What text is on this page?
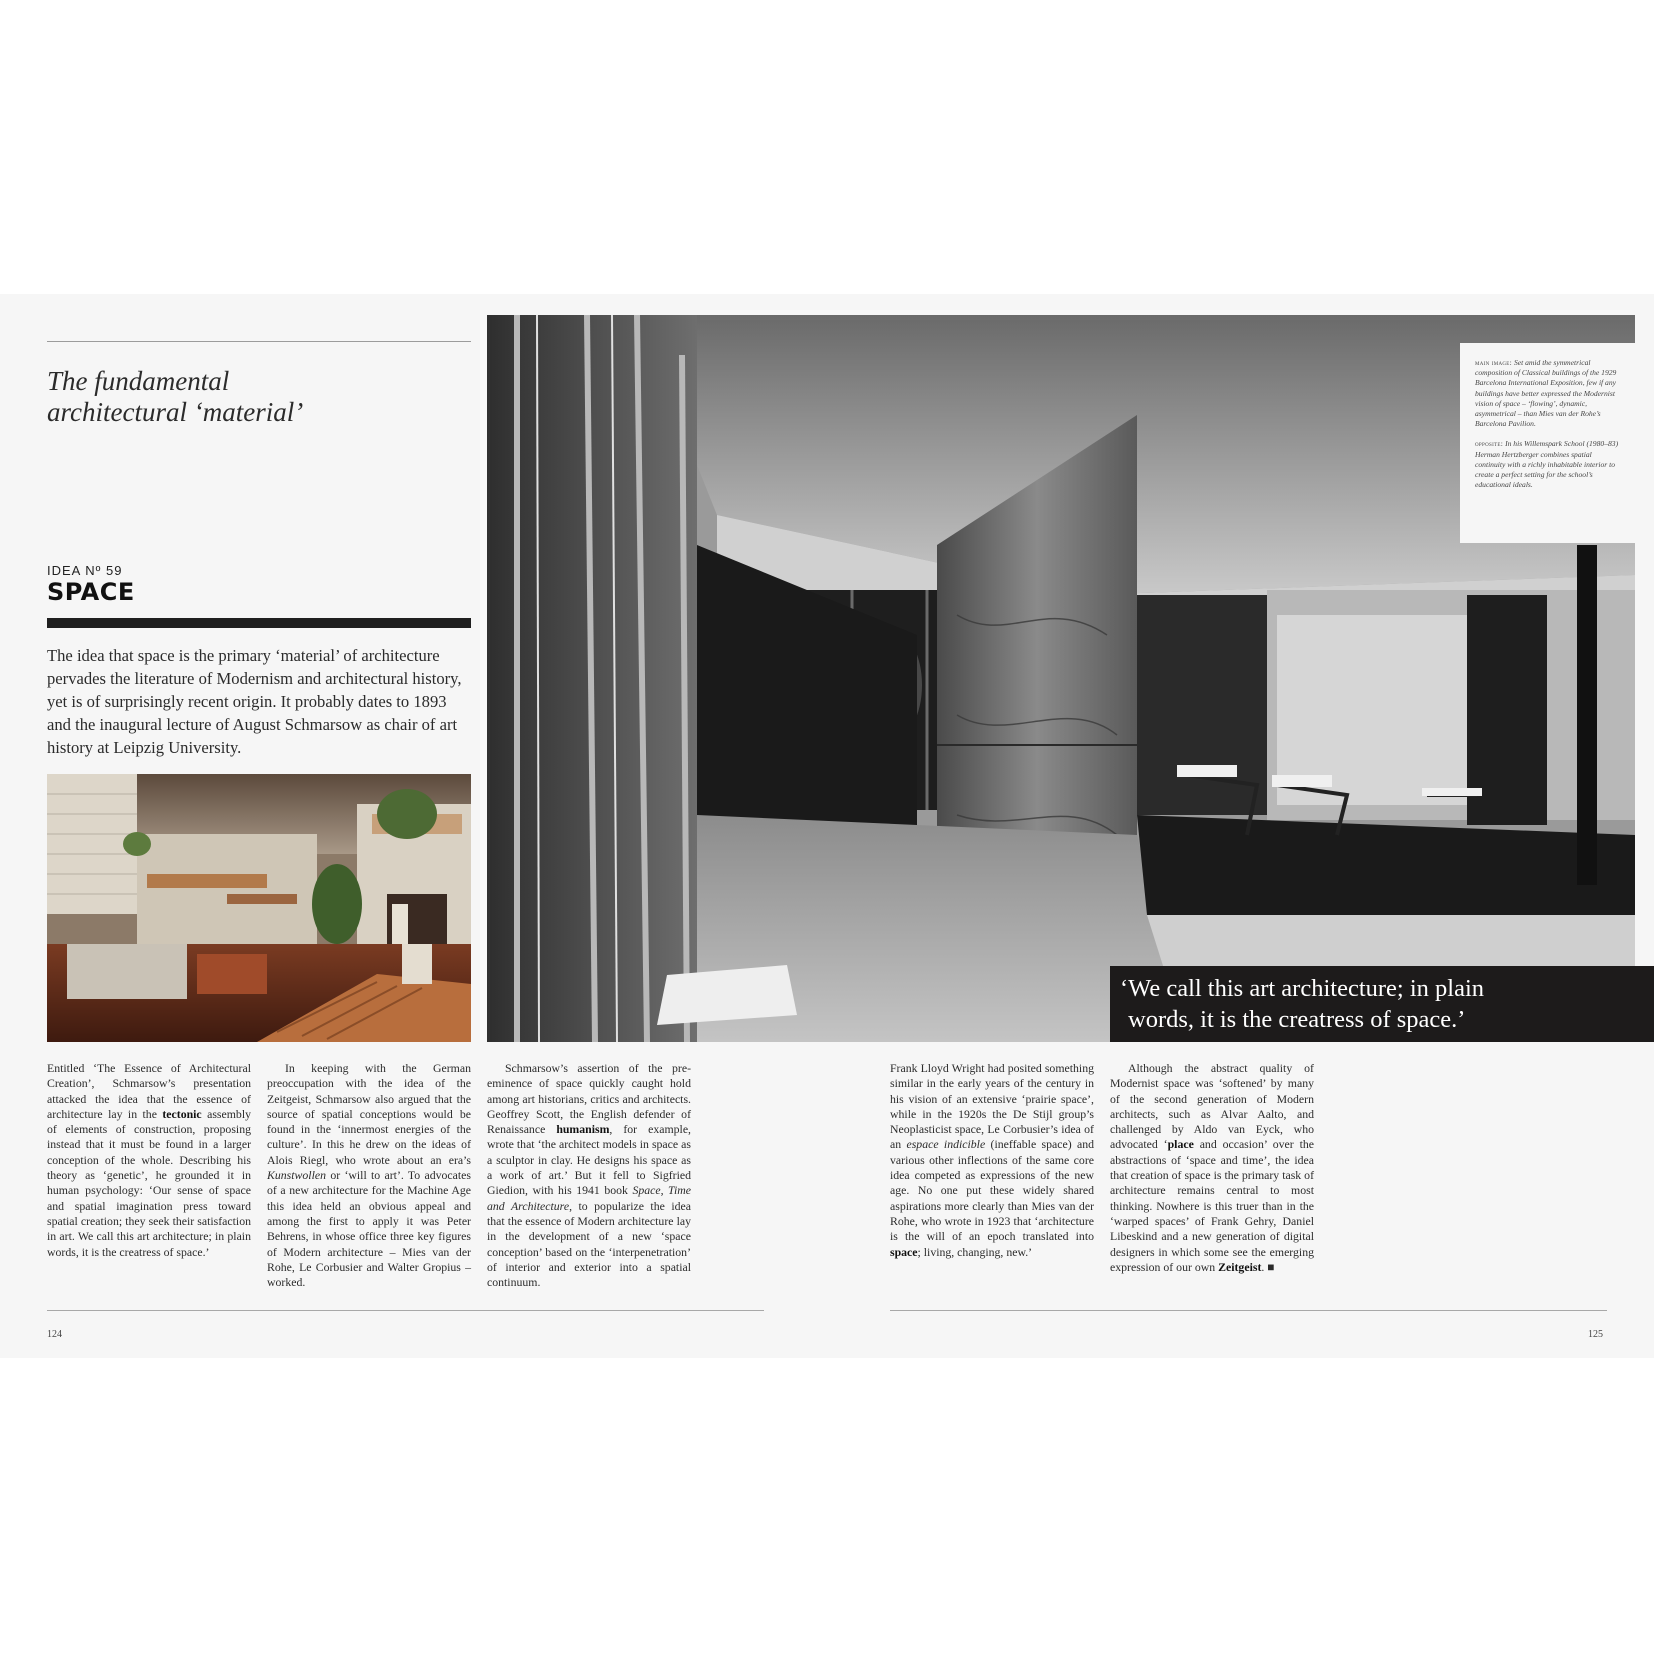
The fundamental
architectural ‘material’
IDEA Nº 59
SPACE
The idea that space is the primary ‘material’ of architecture pervades the literature of Modernism and architectural history, yet is of surprisingly recent origin. It probably dates to 1893 and the inaugural lecture of August Schmarsow as chair of art history at Leipzig University.

main image: Set amid the symmetrical composition of Classical buildings of the 1929 Barcelona International Exposition, few if any buildings have better expressed the Modernist vision of space – ‘flowing’, dynamic, asymmetrical – than Mies van der Rohe’s Barcelona Pavilion.

opposite: In his Willemspark School (1980–83) Herman Hertzberger combines spatial continuity with a richly inhabitable interior to create a perfect setting for the school’s educational ideals.

‘We call this art architecture; in plain
words, it is the creatress of space.’
Entitled ‘The Essence of Architectural Creation’, Schmarsow’s presentation attacked the idea that the essence of architecture lay in the tectonic assembly of elements of construction, proposing instead that it must be found in a larger conception of the whole. Describing his theory as ‘genetic’, he grounded it in human psychology: ‘Our sense of space and spatial imagination press toward spatial creation; they seek their satisfaction in art. We call this art architecture; in plain words, it is the creatress of space.’
In keeping with the German preoccupation with the idea of the Zeitgeist, Schmarsow also argued that the source of spatial conceptions would be found in the ‘innermost energies of the culture’. In this he drew on the ideas of Alois Riegl, who wrote about an era’s Kunstwollen or ‘will to art’. To advocates of a new architecture for the Machine Age this idea held an obvious appeal and among the first to apply it was Peter Behrens, in whose office three key figures of Modern architecture – Mies van der Rohe, Le Corbusier and Walter Gropius – worked.
Schmarsow’s assertion of the pre-eminence of space quickly caught hold among art historians, critics and architects. Geoffrey Scott, the English defender of Renaissance humanism, for example, wrote that ‘the architect models in space as a sculptor in clay. He designs his space as a work of art.’ But it fell to Sigfried Giedion, with his 1941 book Space, Time and Architecture, to popularize the idea that the essence of Modern architecture lay in the development of a new ‘space conception’ based on the ‘interpenetration’ of interior and exterior into a spatial continuum.
Frank Lloyd Wright had posited something similar in the early years of the century in his vision of an extensive ‘prairie space’, while in the 1920s the De Stijl group’s Neoplasticist space, Le Corbusier’s idea of an espace indicible (ineffable space) and various other inflections of the same core idea competed as expressions of the new age. No one put these widely shared aspirations more clearly than Mies van der Rohe, who wrote in 1923 that ‘architecture is the will of an epoch translated into space; living, changing, new.’
Although the abstract quality of Modernist space was ‘softened’ by many of the second generation of Modern architects, such as Alvar Aalto, and challenged by Aldo van Eyck, who advocated ‘place and occasion’ over the abstractions of ‘space and time’, the idea that creation of space is the primary task of architecture remains central to most thinking. Nowhere is this truer than in the ‘warped spaces’ of Frank Gehry, Daniel Libeskind and a new generation of digital designers in which some see the emerging expression of our own Zeitgeist. ■
124	125
